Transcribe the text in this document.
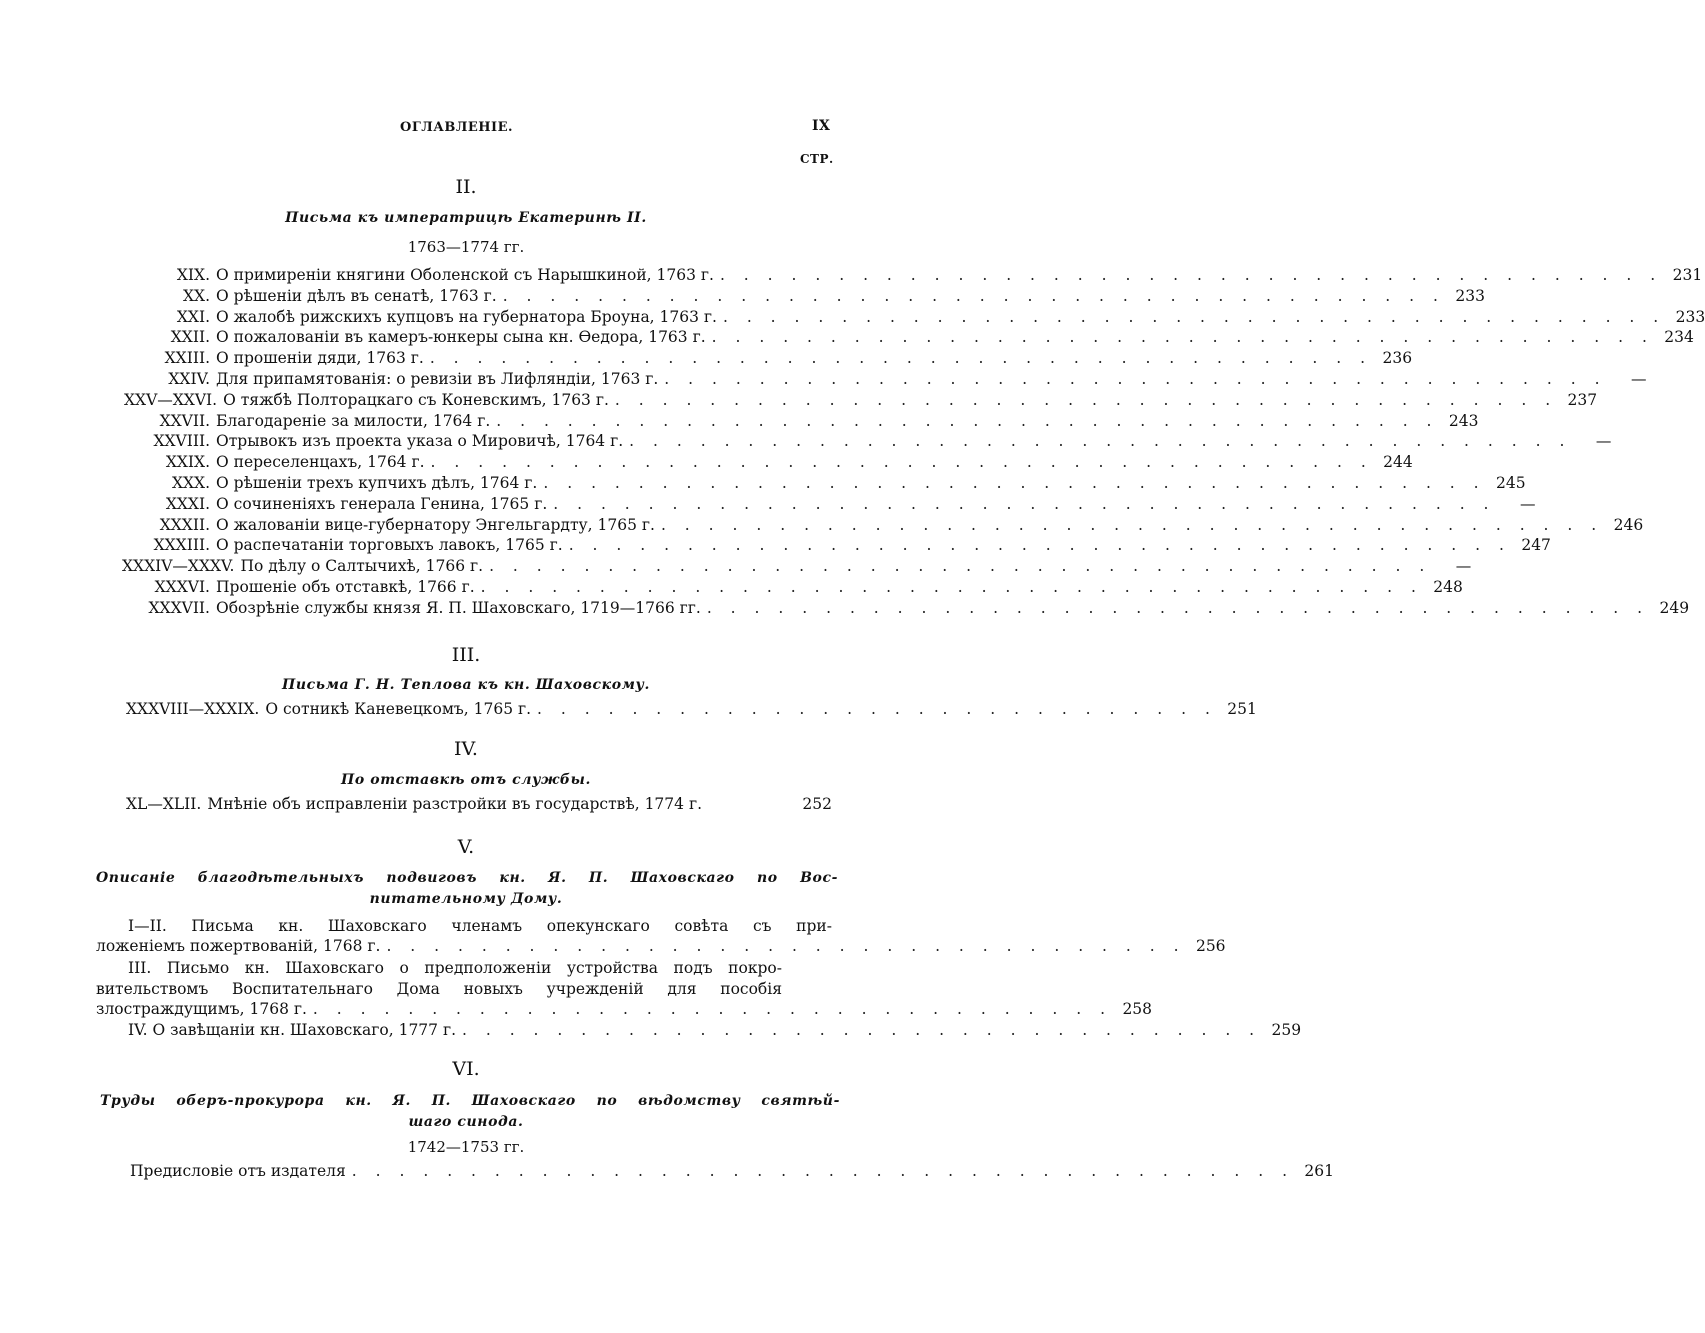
ОГЛАВЛЕНІЕ.	IX
СТР.
II.
Письма къ императрицѣ Екатеринѣ II.
1763—1774 гг.
XIX. О примиреніи княгини Оболенской съ Нарышкиной, 1763 г. . . . . . . . . . . . . . . . . . . . . . . . . . . . . . . . . . . . . . . . . 231
XX. О рѣшеніи дѣлъ въ сенатѣ, 1763 г. . . . . . . . . . . . . . . . . . . . . . . . . . . . . . . . . . . . . . . . . 233
XXI. О жалобѣ рижскихъ купцовъ на губернатора Броуна, 1763 г. . . . . . . . . . . . . . . . . . . . . . . . . . . . . . . . . . . . . . . . . 233
XXII. О пожалованіи въ камеръ-юнкеры сына кн. Өедора, 1763 г. . . . . . . . . . . . . . . . . . . . . . . . . . . . . . . . . . . . . . . . . 234
XXIII. О прошеніи дяди, 1763 г. . . . . . . . . . . . . . . . . . . . . . . . . . . . . . . . . . . . . . . . . 236
XXIV. Для припамятованія: о ревизіи въ Лифляндіи, 1763 г. . . . . . . . . . . . . . . . . . . . . . . . . . . . . . . . . . . . . . . . .	—
XXV—XXVI. О тяжбѣ Полторацкаго съ Коневскимъ, 1763 г. . . . . . . . . . . . . . . . . . . . . . . . . . . . . . . . . . . . . . . . . 237
XXVII. Благодареніе за милости, 1764 г. . . . . . . . . . . . . . . . . . . . . . . . . . . . . . . . . . . . . . . . . 243
XXVIII. Отрывокъ изъ проекта указа о Мировичѣ, 1764 г. . . . . . . . . . . . . . . . . . . . . . . . . . . . . . . . . . . . . . . . .	—
XXIX. О переселенцахъ, 1764 г. . . . . . . . . . . . . . . . . . . . . . . . . . . . . . . . . . . . . . . . . 244
XXX. О рѣшеніи трехъ купчихъ дѣлъ, 1764 г. . . . . . . . . . . . . . . . . . . . . . . . . . . . . . . . . . . . . . . . . 245
XXXI. О сочиненіяхъ генерала Генина, 1765 г. . . . . . . . . . . . . . . . . . . . . . . . . . . . . . . . . . . . . . . . .	—
XXXII. О жалованіи вице-губернатору Энгельгардту, 1765 г. . . . . . . . . . . . . . . . . . . . . . . . . . . . . . . . . . . . . . . . . 246
XXXIII. О распечатаніи торговыхъ лавокъ, 1765 г. . . . . . . . . . . . . . . . . . . . . . . . . . . . . . . . . . . . . . . . . 247
XXXIV—XXXV. По дѣлу о Салтычихѣ, 1766 г. . . . . . . . . . . . . . . . . . . . . . . . . . . . . . . . . . . . . . . . .	—
XXXVI. Прошеніе объ отставкѣ, 1766 г. . . . . . . . . . . . . . . . . . . . . . . . . . . . . . . . . . . . . . . . . 248
XXXVII. Обозрѣніе службы князя Я. П. Шаховскаго, 1719—1766 гг. . . . . . . . . . . . . . . . . . . . . . . . . . . . . . . . . . . . . . . . . 249
III.
Письма Г. Н. Теплова къ кн. Шаховскому.
XXXVIII—XXXIX. О сотникѣ Каневецкомъ, 1765 г. . . . . . . . . . . . . . . . . . . . . . . . . . . . . . 251
IV.
По отставкѣ отъ службы.
XL—XLII. Мнѣніе объ исправленіи разстройки въ государствѣ, 1774 г.	252
V.
Описаніе благодѣтельныхъ подвиговъ кн. Я. П. Шаховскаго по Вос-
питательному Дому.
I—II. Письма кн. Шаховскаго членамъ опекунскаго совѣта съ при-
ложеніемъ пожертвованій, 1768 г. . . . . . . . . . . . . . . . . . . . . . . . . . . . . . . . . . . 256
III. Письмо кн. Шаховскаго о предположеніи устройства подъ покро-
вительствомъ Воспитательнаго Дома новыхъ учрежденій для пособія
злостраждущимъ, 1768 г. . . . . . . . . . . . . . . . . . . . . . . . . . . . . . . . . . . 258
IV. О завѣщаніи кн. Шаховскаго, 1777 г. . . . . . . . . . . . . . . . . . . . . . . . . . . . . . . . . . . 259
VI.
Труды оберъ-прокурора кн. Я. П. Шаховскаго по вѣдомству святѣй-
шаго синода.
1742—1753 гг.
Предисловіе отъ издателя . . . . . . . . . . . . . . . . . . . . . . . . . . . . . . . . . . . . . . . . 261
